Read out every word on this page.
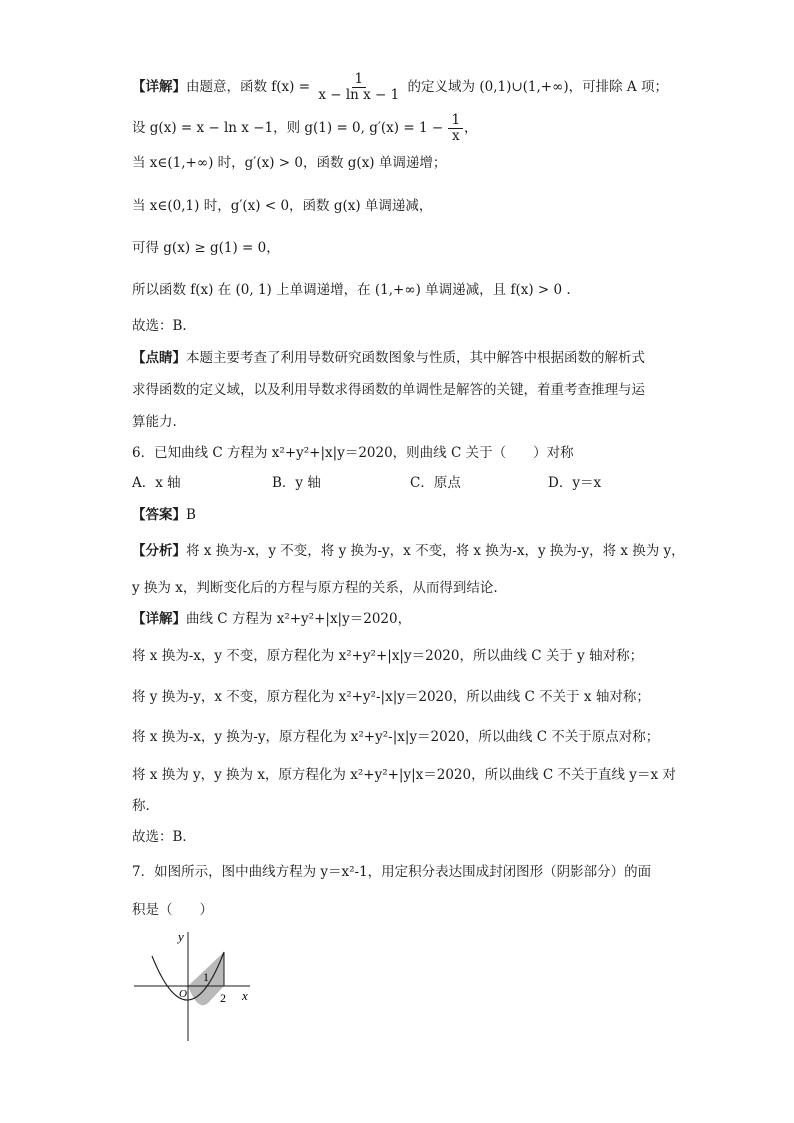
【详解】由题意，函数 $f(x) = \frac{1}{\text{x − ln x − 1}}$ 的定义域为 (0,1)∪(1,+∞)，可排除 A 项；
设 g(x) = x − ln x −1，则 g(1) = 0, $g'(x) = 1 - \frac{1}{x}$ ，
当 x∈(1,+∞) 时，g′(x) > 0，函数 g(x) 单调递增；
当 x∈(0,1) 时，g′(x) < 0，函数 g(x) 单调递减，
可得 g(x) ≥ g(1) = 0，
所以函数 f(x) 在 (0, 1) 上单调递增，在 (1,+∞) 单调递减，且 f(x) > 0 .
故选：B.
【点睛】本题主要考查了利用导数研究函数图象与性质，其中解答中根据函数的解析式
求得函数的定义域，以及利用导数求得函数的单调性是解答的关键，着重考查推理与运
算能力.
6．已知曲线 C 方程为 x²+y²+|x|y＝2020，则曲线 C 关于（　　）对称
A．x 轴	B．y 轴	C．原点	D．y＝x
【答案】B
【分析】将 x 换为-x，y 不变，将 y 换为-y，x 不变，将 x 换为-x，y 换为-y，将 x 换为 y，
y 换为 x，判断变化后的方程与原方程的关系，从而得到结论.
【详解】曲线 C 方程为 x²+y²+|x|y＝2020，
将 x 换为-x，y 不变，原方程化为 x²+y²+|x|y＝2020，所以曲线 C 关于 y 轴对称；
将 y 换为-y，x 不变，原方程化为 x²+y²-|x|y＝2020，所以曲线 C 不关于 x 轴对称；
将 x 换为-x，y 换为-y，原方程化为 x²+y²-|x|y＝2020，所以曲线 C 不关于原点对称；
将 x 换为 y，y 换为 x，原方程化为 x²+y²+|y|x＝2020，所以曲线 C 不关于直线 y＝x 对
称.
故选：B．
7．如图所示，图中曲线方程为 y＝x²-1，用定积分表达围成封闭图形（阴影部分）的面
积是（　　）
y
x
O
1
2
